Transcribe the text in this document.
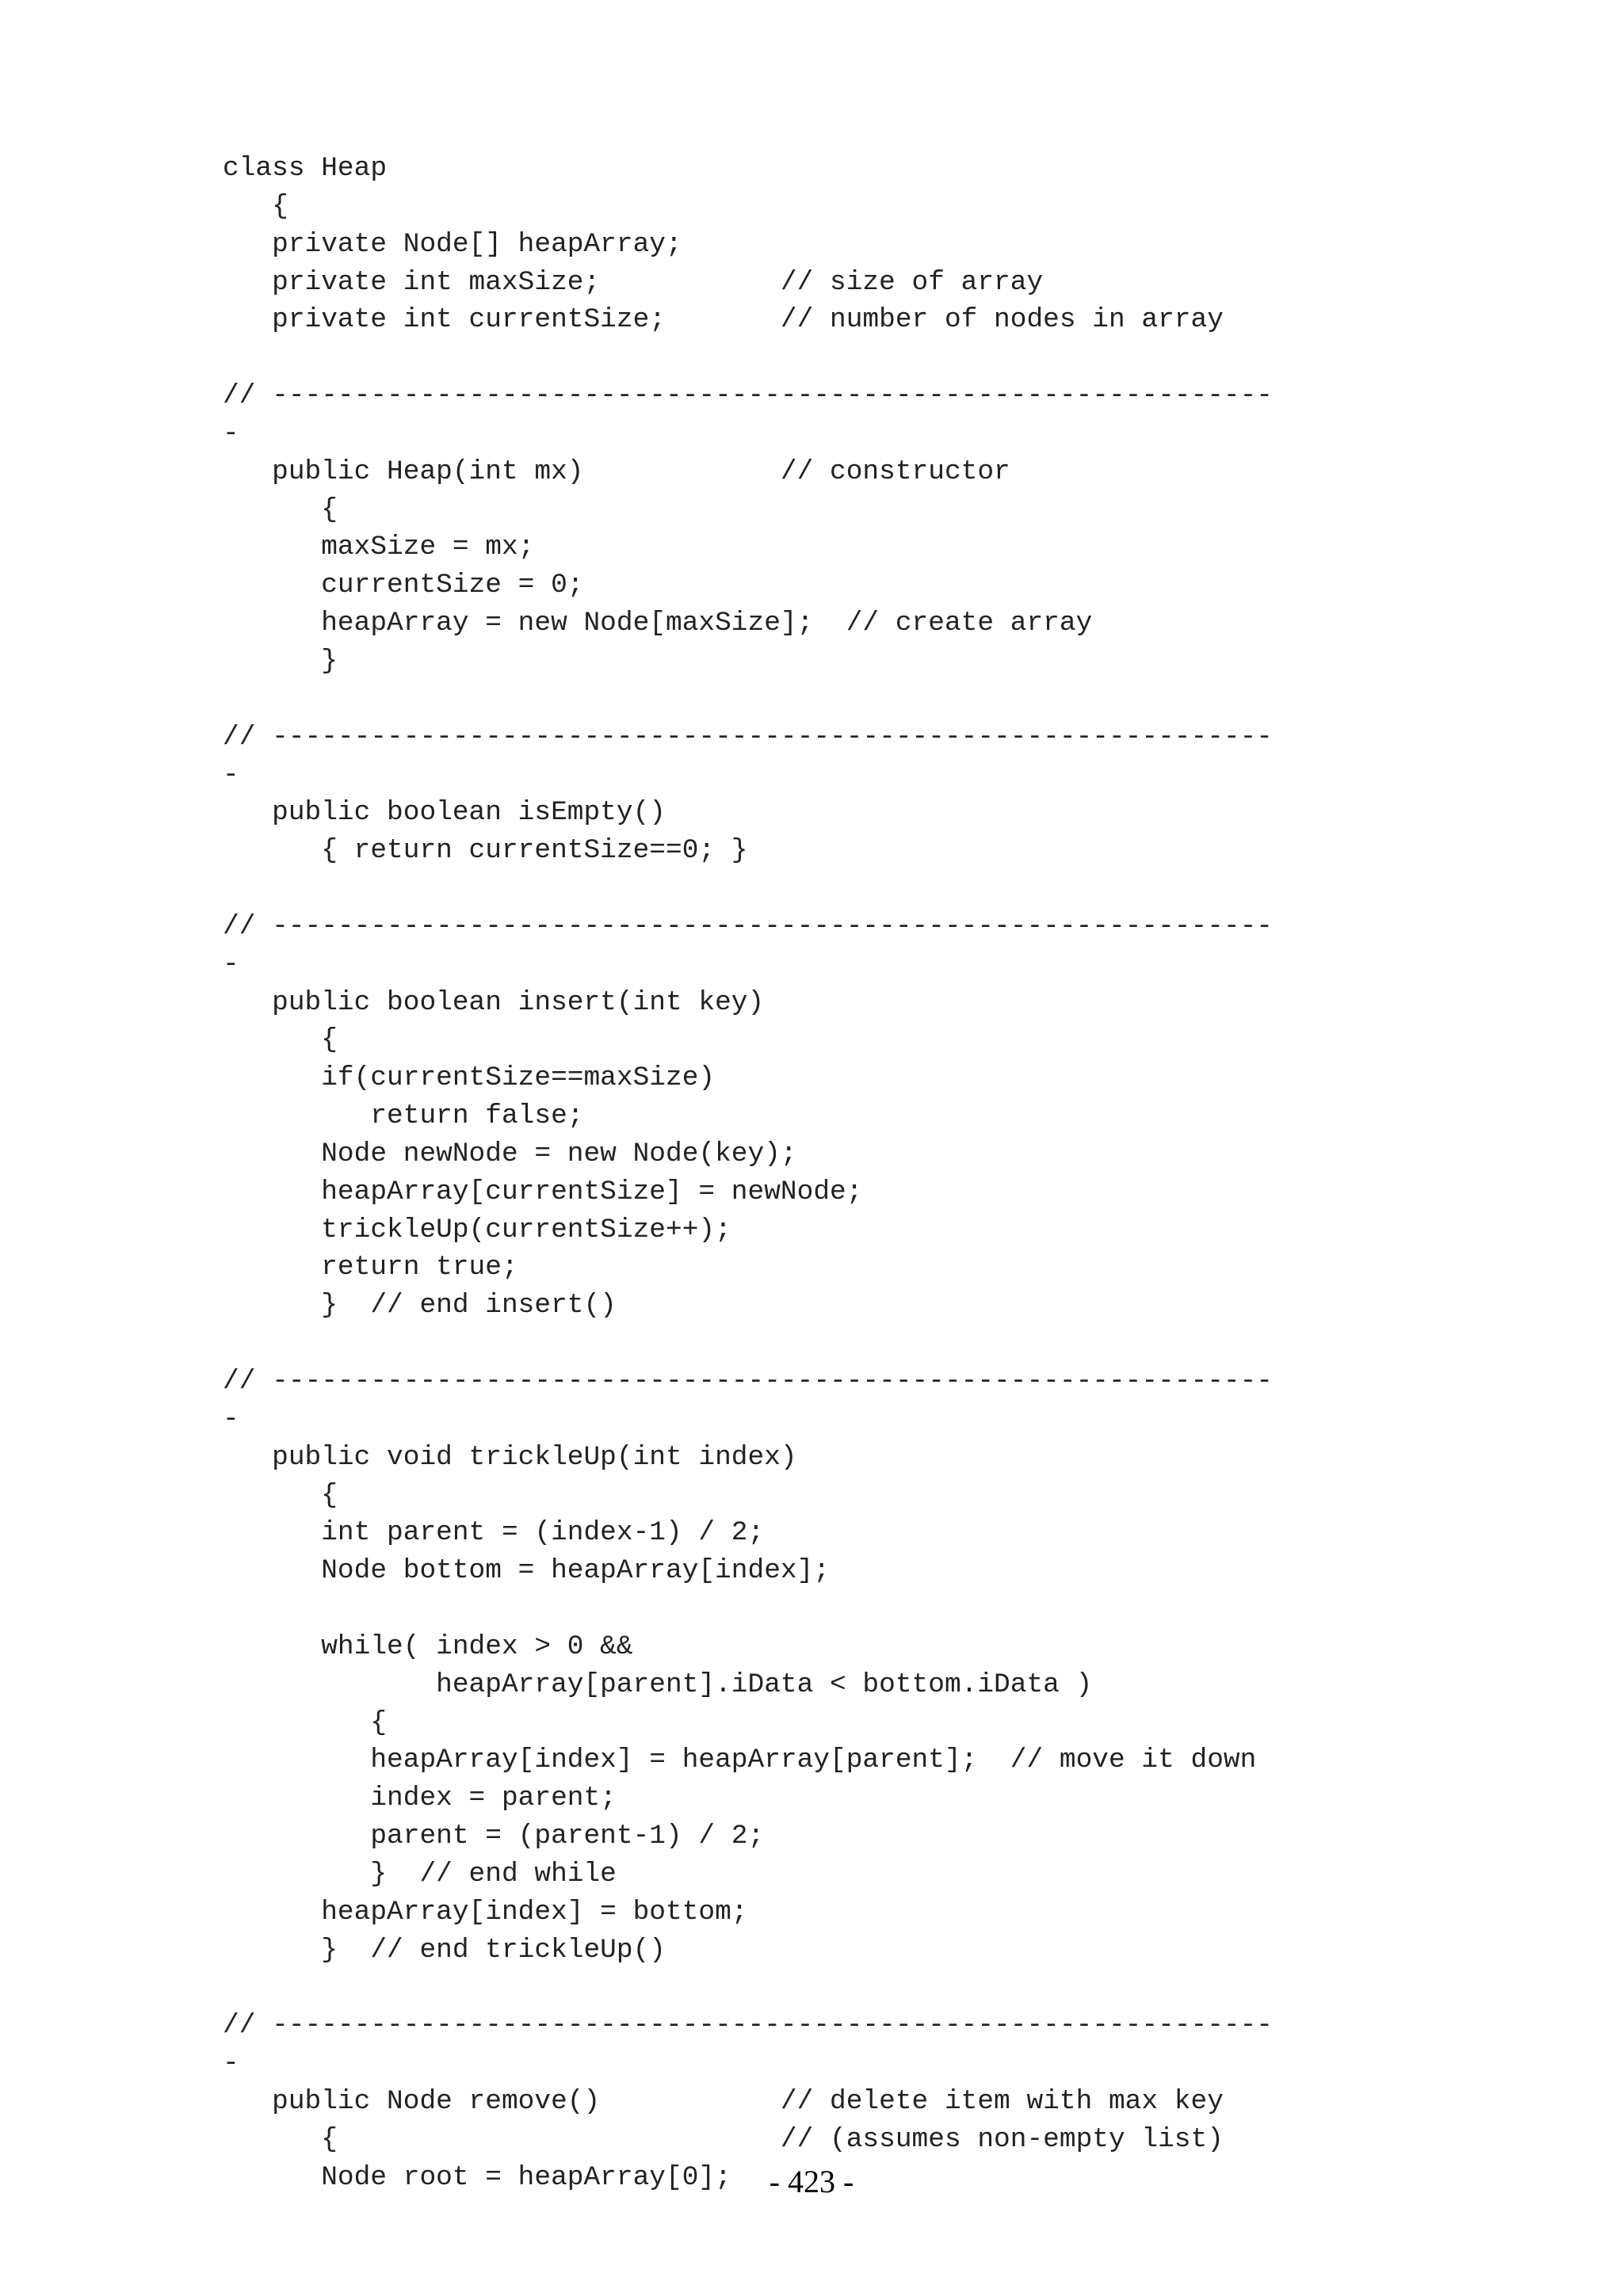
class Heap
{
private Node[] heapArray;
private int maxSize;           // size of array
private int currentSize;       // number of nodes in array
// -------------------------------------------------------------
-
public Heap(int mx)            // constructor
{
maxSize = mx;
currentSize = 0;
heapArray = new Node[maxSize];  // create array
}
// -------------------------------------------------------------
-
public boolean isEmpty()
{ return currentSize==0; }
// -------------------------------------------------------------
-
public boolean insert(int key)
{
if(currentSize==maxSize)
return false;
Node newNode = new Node(key);
heapArray[currentSize] = newNode;
trickleUp(currentSize++);
return true;
}  // end insert()
// -------------------------------------------------------------
-
public void trickleUp(int index)
{
int parent = (index-1) / 2;
Node bottom = heapArray[index];
while( index > 0 &&
heapArray[parent].iData < bottom.iData )
{
heapArray[index] = heapArray[parent];  // move it down
index = parent;
parent = (parent-1) / 2;
}  // end while
heapArray[index] = bottom;
}  // end trickleUp()
// -------------------------------------------------------------
-
public Node remove()           // delete item with max key
{                           // (assumes non-empty list)
Node root = heapArray[0];	- 423 -
